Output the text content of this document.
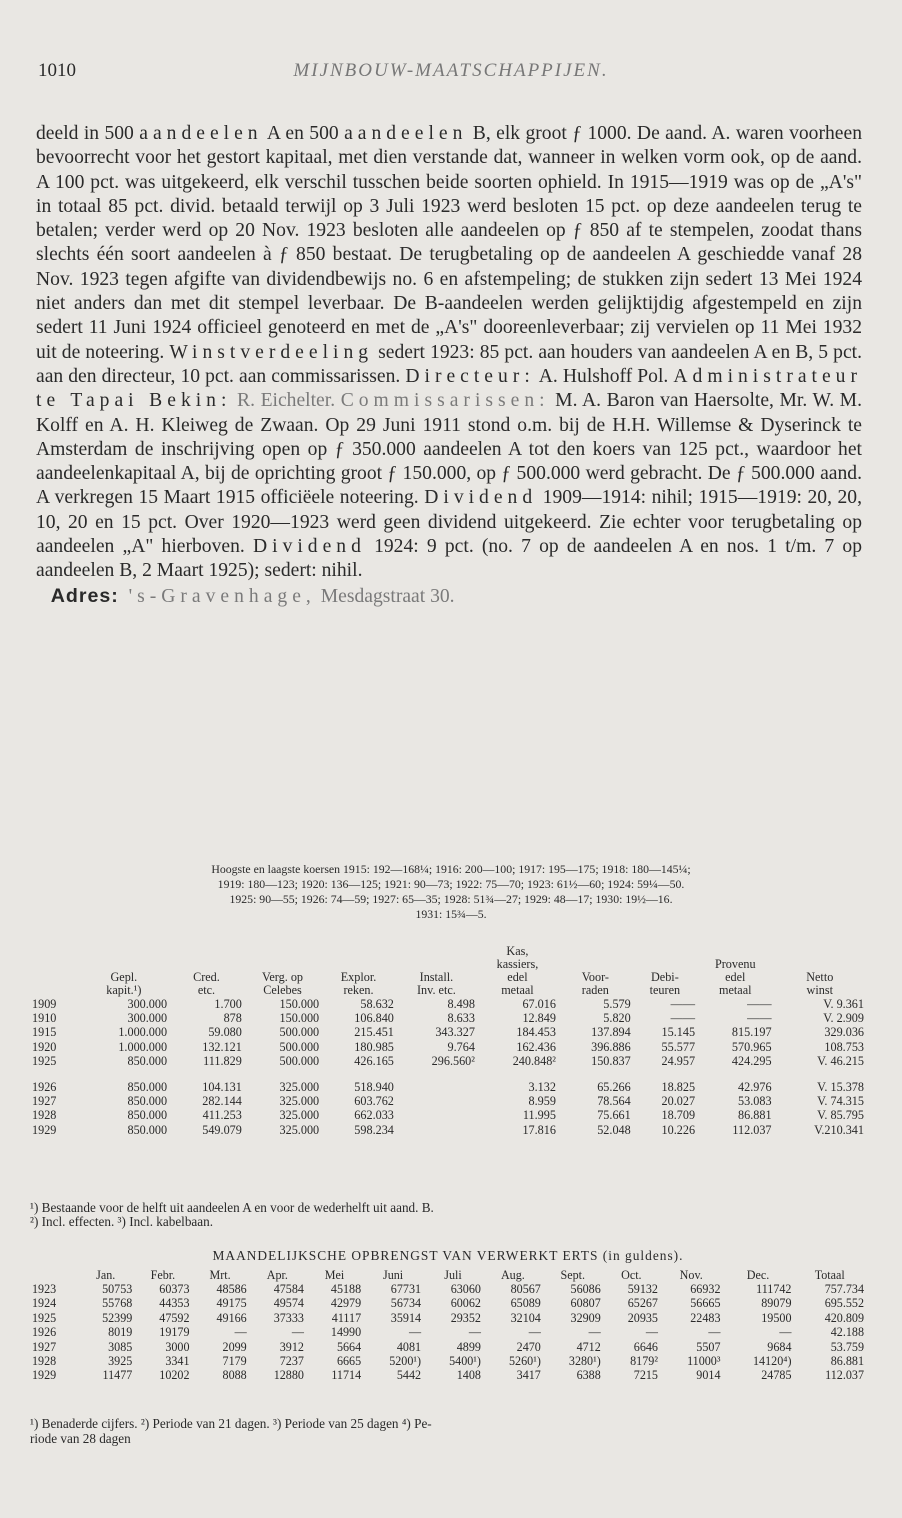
1010	MIJNBOUW-MAATSCHAPPIJEN.

deeld in 500 aandeelen A en 500 aandeelen B, elk groot ƒ 1000. De aand. A. waren voorheen bevoorrecht voor het gestort kapitaal, met dien verstande dat, wanneer in welken vorm ook, op de aand. A 100 pct. was uitgekeerd, elk verschil tusschen beide soorten ophield. In 1915—1919 was op de „A's" in totaal 85 pct. divid. betaald terwijl op 3 Juli 1923 werd besloten 15 pct. op deze aandeelen terug te betalen; verder werd op 20 Nov. 1923 besloten alle aandeelen op ƒ 850 af te stempelen, zoodat thans slechts één soort aandeelen à ƒ 850 bestaat. De terugbetaling op de aandeelen A geschiedde vanaf 28 Nov. 1923 tegen afgifte van dividendbewijs no. 6 en afstempeling; de stukken zijn sedert 13 Mei 1924 niet anders dan met dit stempel leverbaar. De B-aandeelen werden gelijktijdig afgestempeld en zijn sedert 11 Juni 1924 officieel genoteerd en met de „A's" dooreenleverbaar; zij vervielen op 11 Mei 1932 uit de noteering. Winstverdeeling sedert 1923: 85 pct. aan houders van aandeelen A en B, 5 pct. aan den directeur, 10 pct. aan commissarissen. Directeur: A. Hulshoff Pol. Administrateur te Tapai Bekin: R. Eichelter. Commissarissen: M. A. Baron van Haersolte, Mr. W. M. Kolff en A. H. Kleiweg de Zwaan. Op 29 Juni 1911 stond o.m. bij de H.H. Willemse & Dyserinck te Amsterdam de inschrijving open op ƒ 350.000 aandeelen A tot den koers van 125 pct., waardoor het aandeelenkapitaal A, bij de oprichting groot ƒ 150.000, op ƒ 500.000 werd gebracht. De ƒ 500.000 aand. A verkregen 15 Maart 1915 officiëele noteering. Dividend 1909—1914: nihil; 1915—1919: 20, 20, 10, 20 en 15 pct. Over 1920—1923 werd geen dividend uitgekeerd. Zie echter voor terugbetaling op aandeelen „A" hierboven. Dividend 1924: 9 pct. (no. 7 op de aandeelen A en nos. 1 t/m. 7 op aandeelen B, 2 Maart 1925); sedert: nihil.

Adres: 's-Gravenhage, Mesdagstraat 30.

Hoogste en laagste koersen 1915: 192—168¼; 1916: 200—100; 1917: 195—175; 1918: 180—145¼;
1919: 180—123; 1920: 136—125; 1921: 90—73; 1922: 75—70; 1923: 61½—60; 1924: 59¼—50.
1925: 90—55; 1926: 74—59; 1927: 65—35; 1928: 51¾—27; 1929: 48—17; 1930: 19½—16.
1931: 15¾—5.
						Kas,
kassiers,			Provenu	
	Gepl.	Cred.	Verg. op	Explor.	Install.	edel	Voor-	Debi-	edel	Netto
	kapit.¹)	etc.	Celebes	reken.	Inv. etc.	metaal	raden	teuren	metaal	winst
1909	300.000	1.700	150.000	58.632	8.498	67.016	5.579	——	——	V. 9.361
1910	300.000	878	150.000	106.840	8.633	12.849	5.820	——	——	V. 2.909
1915	1.000.000	59.080	500.000	215.451	343.327	184.453	137.894	15.145	815.197	329.036
1920	1.000.000	132.121	500.000	180.985	9.764	162.436	396.886	55.577	570.965	108.753
1925	850.000	111.829	500.000	426.165	296.560²	240.848²	150.837	24.957	424.295	V. 46.215
1926	850.000	104.131	325.000	518.940		3.132	65.266	18.825	42.976	V. 15.378
1927	850.000	282.144	325.000	603.762		8.959	78.564	20.027	53.083	V. 74.315
1928	850.000	411.253	325.000	662.033		11.995	75.661	18.709	86.881	V. 85.795
1929	850.000	549.079	325.000	598.234		17.816	52.048	10.226	112.037	V.210.341
¹) Bestaande voor de helft uit aandeelen A en voor de wederhelft uit aand. B.
²) Incl. effecten. ³) Incl. kabelbaan.
MAANDELIJKSCHE OPBRENGST VAN VERWERKT ERTS (in guldens).
	Jan.	Febr.	Mrt.	Apr.	Mei	Juni	Juli	Aug.	Sept.	Oct.	Nov.	Dec.	Totaal
1923	50753	60373	48586	47584	45188	67731	63060	80567	56086	59132	66932	111742	757.734
1924	55768	44353	49175	49574	42979	56734	60062	65089	60807	65267	56665	89079	695.552
1925	52399	47592	49166	37333	41117	35914	29352	32104	32909	20935	22483	19500	420.809
1926	8019	19179	—	—	14990	—	—	—	—	—	—	—	42.188
1927	3085	3000	2099	3912	5664	4081	4899	2470	4712	6646	5507	9684	53.759
1928	3925	3341	7179	7237	6665	5200¹)	5400¹)	5260¹)	3280¹)	8179²	11000³	14120⁴)	86.881
1929	11477	10202	8088	12880	11714	5442	1408	3417	6388	7215	9014	24785	112.037
¹) Benaderde cijfers. ²) Periode van 21 dagen. ³) Periode van 25 dagen ⁴) Pe-
riode van 28 dagen
